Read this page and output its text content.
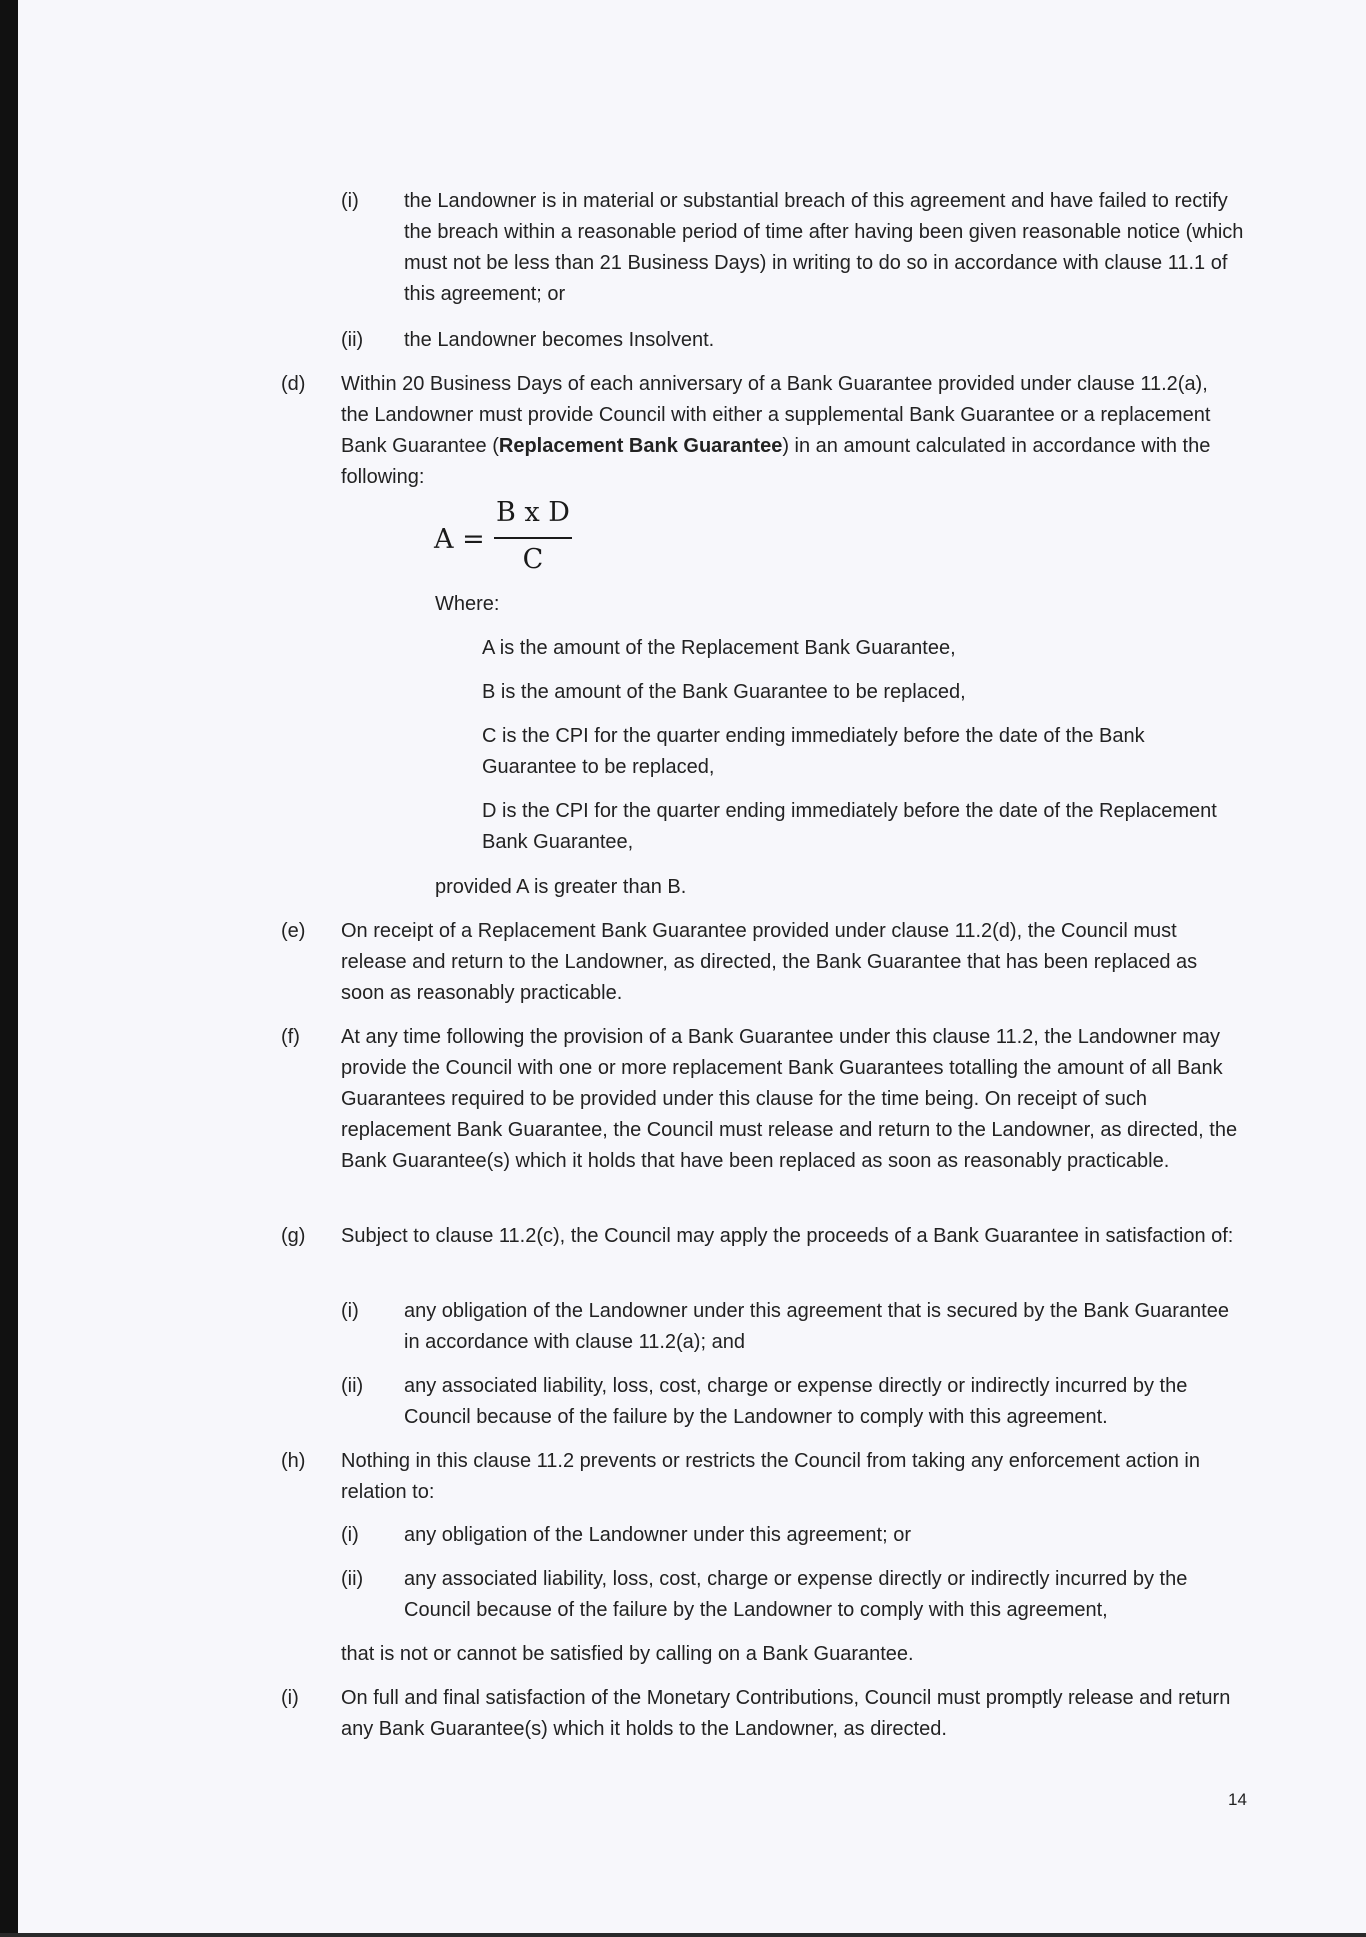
(i) the Landowner is in material or substantial breach of this agreement and have failed to rectify the breach within a reasonable period of time after having been given reasonable notice (which must not be less than 21 Business Days) in writing to do so in accordance with clause 11.1 of this agreement; or

(ii) the Landowner becomes Insolvent.

(d) Within 20 Business Days of each anniversary of a Bank Guarantee provided under clause 11.2(a), the Landowner must provide Council with either a supplemental Bank Guarantee or a replacement Bank Guarantee (Replacement Bank Guarantee) in an amount calculated in accordance with the following:

A =
B x D
C
Where:

A is the amount of the Replacement Bank Guarantee,

B is the amount of the Bank Guarantee to be replaced,

C is the CPI for the quarter ending immediately before the date of the Bank Guarantee to be replaced,

D is the CPI for the quarter ending immediately before the date of the Replacement Bank Guarantee,

provided A is greater than B.
(e) On receipt of a Replacement Bank Guarantee provided under clause 11.2(d), the Council must release and return to the Landowner, as directed, the Bank Guarantee that has been replaced as soon as reasonably practicable.

(f) At any time following the provision of a Bank Guarantee under this clause 11.2, the Landowner may provide the Council with one or more replacement Bank Guarantees totalling the amount of all Bank Guarantees required to be provided under this clause for the time being. On receipt of such replacement Bank Guarantee, the Council must release and return to the Landowner, as directed, the Bank Guarantee(s) which it holds that have been replaced as soon as reasonably practicable.

(g) Subject to clause 11.2(c), the Council may apply the proceeds of a Bank Guarantee in satisfaction of:

(i) any obligation of the Landowner under this agreement that is secured by the Bank Guarantee in accordance with clause 11.2(a); and

(ii) any associated liability, loss, cost, charge or expense directly or indirectly incurred by the Council because of the failure by the Landowner to comply with this agreement.

(h) Nothing in this clause 11.2 prevents or restricts the Council from taking any enforcement action in relation to:

(i) any obligation of the Landowner under this agreement; or

(ii) any associated liability, loss, cost, charge or expense directly or indirectly incurred by the Council because of the failure by the Landowner to comply with this agreement,

that is not or cannot be satisfied by calling on a Bank Guarantee.

(i) On full and final satisfaction of the Monetary Contributions, Council must promptly release and return any Bank Guarantee(s) which it holds to the Landowner, as directed.

14
